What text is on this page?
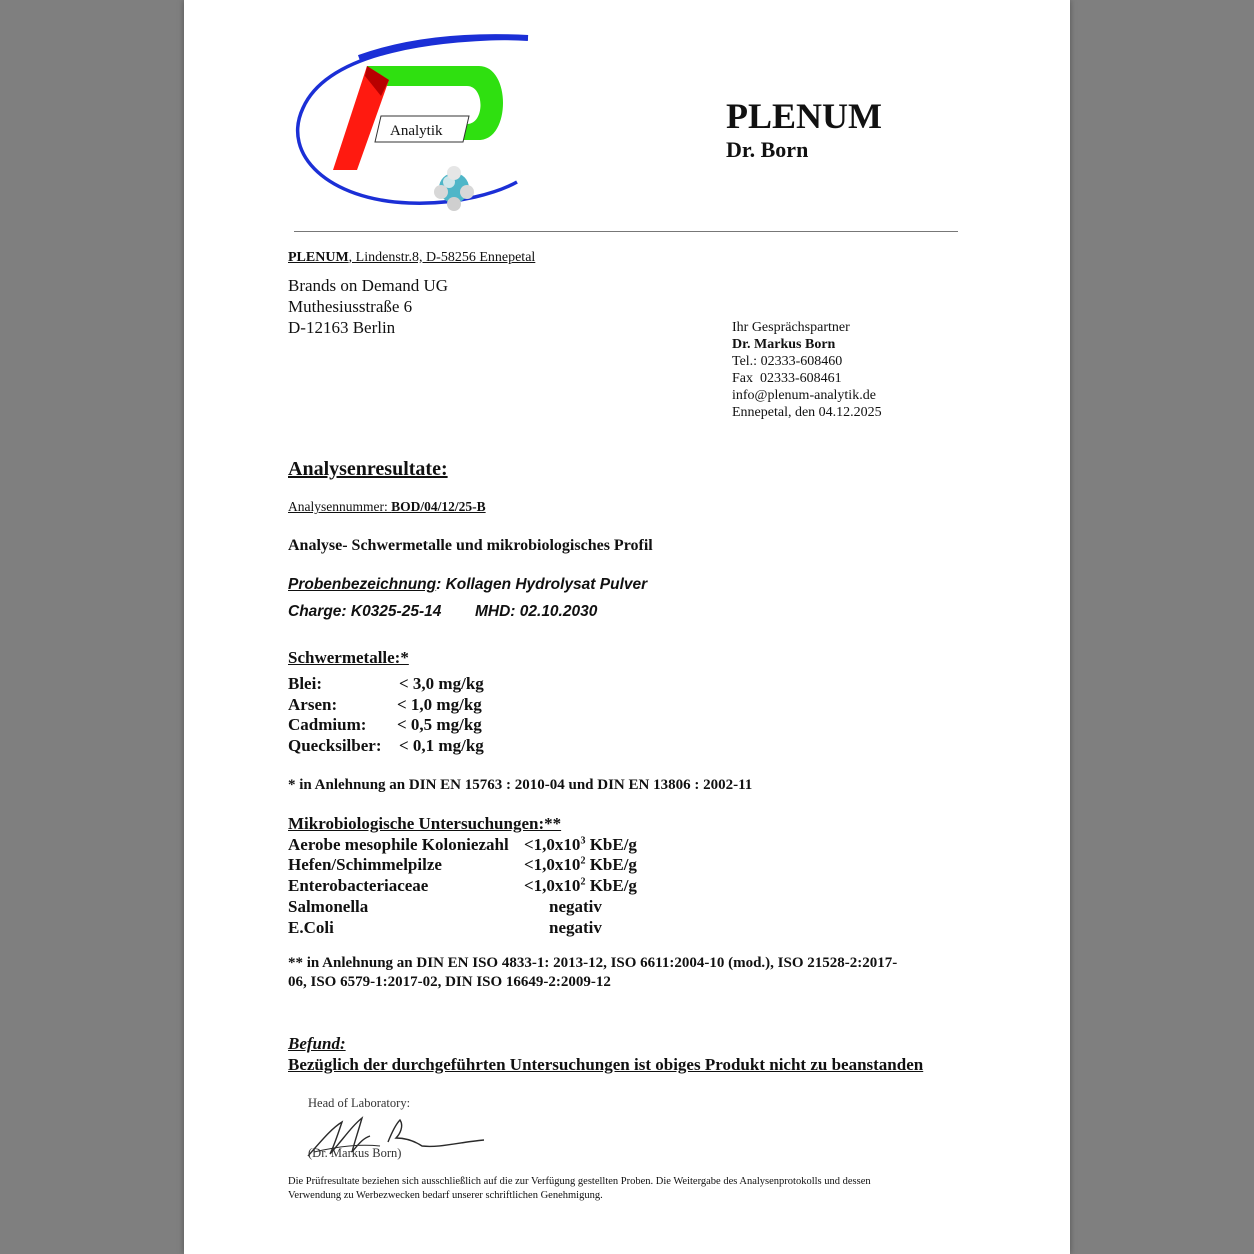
Analytik	PLENUM
Dr. Born
PLENUM, Lindenstr.8, D-58256 Ennepetal
Brands on Demand UG
Muthesiusstraße 6
D-12163 Berlin	Ihr Gesprächspartner
Dr. Markus Born
Tel.: 02333-608460
Fax  02333-608461
info@plenum-analytik.de
Ennepetal, den 04.12.2025
Analysenresultate:
Analysennummer: BOD/04/12/25-B
Analyse- Schwermetalle und mikrobiologisches Profil
Probenbezeichnung: Kollagen Hydrolysat Pulver
Charge: K0325-25-14 MHD: 02.10.2030
Schwermetalle:*
Blei:	< 3,0 mg/kg
Arsen:	< 1,0 mg/kg
Cadmium: < 0,5 mg/kg
Quecksilber: < 0,1 mg/kg
* in Anlehnung an DIN EN 15763 : 2010-04 und DIN EN 13806 : 2002-11
Mikrobiologische Untersuchungen:**
Aerobe mesophile Koloniezahl $<1,0x10^3$ KbE/g
Hefen/Schimmelpilze	$<1,0x10^2$ KbE/g
Enterobacteriaceae	$<1,0x10^2$ KbE/g
Salmonella	negativ
E.Coli	negativ
** in Anlehnung an DIN EN ISO 4833-1: 2013-12, ISO 6611:2004-10 (mod.), ISO 21528-2:2017-
06, ISO 6579-1:2017-02, DIN ISO 16649-2:2009-12
Befund:
Bezüglich der durchgeführten Untersuchungen ist obiges Produkt nicht zu beanstanden
Head of Laboratory:
(Dr. Markus Born)
Die Prüfresultate beziehen sich ausschließlich auf die zur Verfügung gestellten Proben. Die Weitergabe des Analysenprotokolls und dessen
Verwendung zu Werbezwecken bedarf unserer schriftlichen Genehmigung.
